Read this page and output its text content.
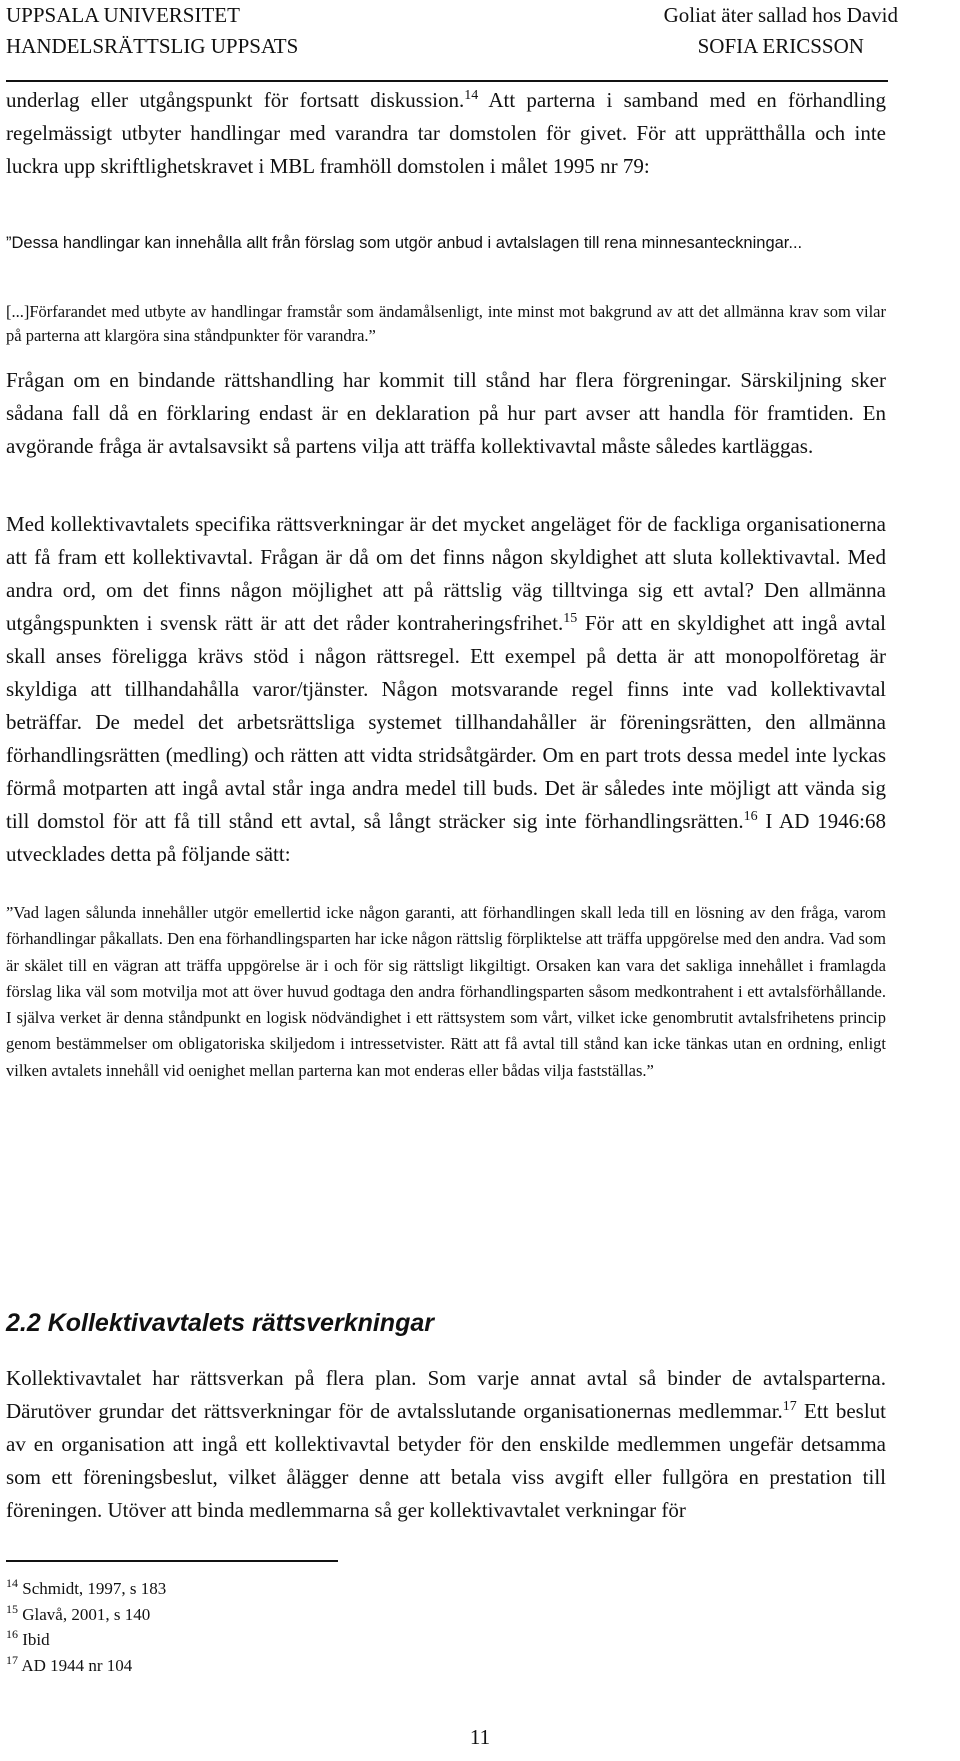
UPPSALA UNIVERSITET
HANDELSRÄTTSLIG UPPSATS
Goliat äter sallad hos David
SOFIA ERICSSON
underlag eller utgångspunkt för fortsatt diskussion.$^{14}$ Att parterna i samband med en förhandling regelmässigt utbyter handlingar med varandra tar domstolen för givet. För att upprätthålla och inte luckra upp skriftlighetskravet i MBL framhöll domstolen i målet 1995 nr 79:
”Dessa handlingar kan innehålla allt från förslag som utgör anbud i avtalslagen till rena minnesanteckningar...
[...]Förfarandet med utbyte av handlingar framstår som ändamålsenligt, inte minst mot bakgrund av att det allmänna krav som vilar på parterna att klargöra sina ståndpunkter för varandra.”
Frågan om en bindande rättshandling har kommit till stånd har flera förgreningar. Särskiljning sker sådana fall då en förklaring endast är en deklaration på hur part avser att handla för framtiden. En avgörande fråga är avtalsavsikt så partens vilja att träffa kollektivavtal måste således kartläggas.
Med kollektivavtalets specifika rättsverkningar är det mycket angeläget för de fackliga organisationerna att få fram ett kollektivavtal. Frågan är då om det finns någon skyldighet att sluta kollektivavtal. Med andra ord, om det finns någon möjlighet att på rättslig väg tilltvinga sig ett avtal? Den allmänna utgångspunkten i svensk rätt är att det råder kontraheringsfrihet.$^{15}$ För att en skyldighet att ingå avtal skall anses föreligga krävs stöd i någon rättsregel. Ett exempel på detta är att monopolföretag är skyldiga att tillhandahålla varor/tjänster. Någon motsvarande regel finns inte vad kollektivavtal beträffar. De medel det arbetsrättsliga systemet tillhandahåller är föreningsrätten, den allmänna förhandlingsrätten (medling) och rätten att vidta stridsåtgärder. Om en part trots dessa medel inte lyckas förmå motparten att ingå avtal står inga andra medel till buds. Det är således inte möjligt att vända sig till domstol för att få till stånd ett avtal, så långt sträcker sig inte förhandlingsrätten.$^{16}$ I AD 1946:68 utvecklades detta på följande sätt:
”Vad lagen sålunda innehåller utgör emellertid icke någon garanti, att förhandlingen skall leda till en lösning av den fråga, varom förhandlingar påkallats. Den ena förhandlingsparten har icke någon rättslig förpliktelse att träffa uppgörelse med den andra. Vad som är skälet till en vägran att träffa uppgörelse är i och för sig rättsligt likgiltigt. Orsaken kan vara det sakliga innehållet i framlagda förslag lika väl som motvilja mot att över huvud godtaga den andra förhandlingsparten såsom medkontrahent i ett avtalsförhållande. I själva verket är denna ståndpunkt en logisk nödvändighet i ett rättsystem som vårt, vilket icke genombrutit avtalsfrihetens princip genom bestämmelser om obligatoriska skiljedom i intressetvister. Rätt att få avtal till stånd kan icke tänkas utan en ordning, enligt vilken avtalets innehåll vid oenighet mellan parterna kan mot enderas eller bådas vilja fastställas.”
2.2 Kollektivavtalets rättsverkningar
Kollektivavtalet har rättsverkan på flera plan. Som varje annat avtal så binder de avtalsparterna. Därutöver grundar det rättsverkningar för de avtalsslutande organisationernas medlemmar.$^{17}$ Ett beslut av en organisation att ingå ett kollektivavtal betyder för den enskilde medlemmen ungefär detsamma som ett föreningsbeslut, vilket ålägger denne att betala viss avgift eller fullgöra en prestation till föreningen. Utöver att binda medlemmarna så ger kollektivavtalet verkningar för
$^{14}$ Schmidt, 1997, s 183
$^{15}$ Glavå, 2001, s 140
$^{16}$ Ibid
$^{17}$ AD 1944 nr 104
11
